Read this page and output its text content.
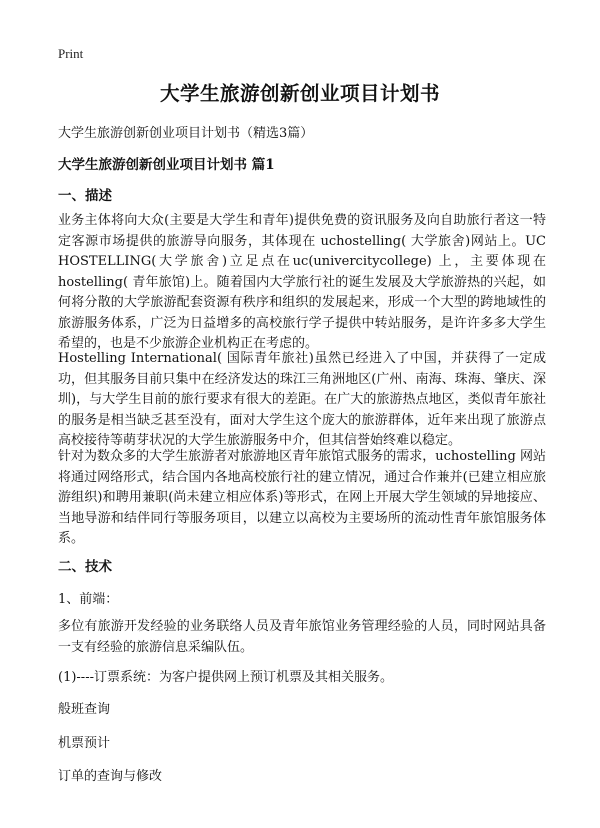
Print
大学生旅游创新创业项目计划书
大学生旅游创新创业项目计划书（精选3篇）
大学生旅游创新创业项目计划书 篇1
一、描述

业务主体将向大众(主要是大学生和青年)提供免费的资讯服务及向自助旅行者这一特定客源市场提供的旅游导向服务，其体现在 uchostelling( 大学旅舍)网站上。UC HOSTELLING(大学旅舍)立足点在uc(univercitycollege) 上，主要体现在hostelling( 青年旅馆)上。随着国内大学旅行社的诞生发展及大学旅游热的兴起，如何将分散的大学旅游配套资源有秩序和组织的发展起来，形成一个大型的跨地域性的旅游服务体系，广泛为日益增多的高校旅行学子提供中转站服务，是许许多多大学生希望的，也是不少旅游企业机构正在考虑的。

Hostelling International( 国际青年旅社)虽然已经进入了中国，并获得了一定成功，但其服务目前只集中在经济发达的珠江三角洲地区(广州、南海、珠海、肇庆、深圳)，与大学生目前的旅行要求有很大的差距。在广大的旅游热点地区，类似青年旅社的服务是相当缺乏甚至没有，面对大学生这个庞大的旅游群体，近年来出现了旅游点高校接待等萌芽状况的大学生旅游服务中介，但其信誉始终难以稳定。

针对为数众多的大学生旅游者对旅游地区青年旅馆式服务的需求，uchostelling 网站将通过网络形式，结合国内各地高校旅行社的建立情况，通过合作兼并(已建立相应旅游组织)和聘用兼职(尚未建立相应体系)等形式，在网上开展大学生领域的异地接应、当地导游和结伴同行等服务项目，以建立以高校为主要场所的流动性青年旅馆服务体系。

二、技术
1、前端：

多位有旅游开发经验的业务联络人员及青年旅馆业务管理经验的人员，同时网站具备一支有经验的旅游信息采编队伍。

(1)----订票系统：为客户提供网上预订机票及其相关服务。
般班查询
机票预计
订单的查询与修改
